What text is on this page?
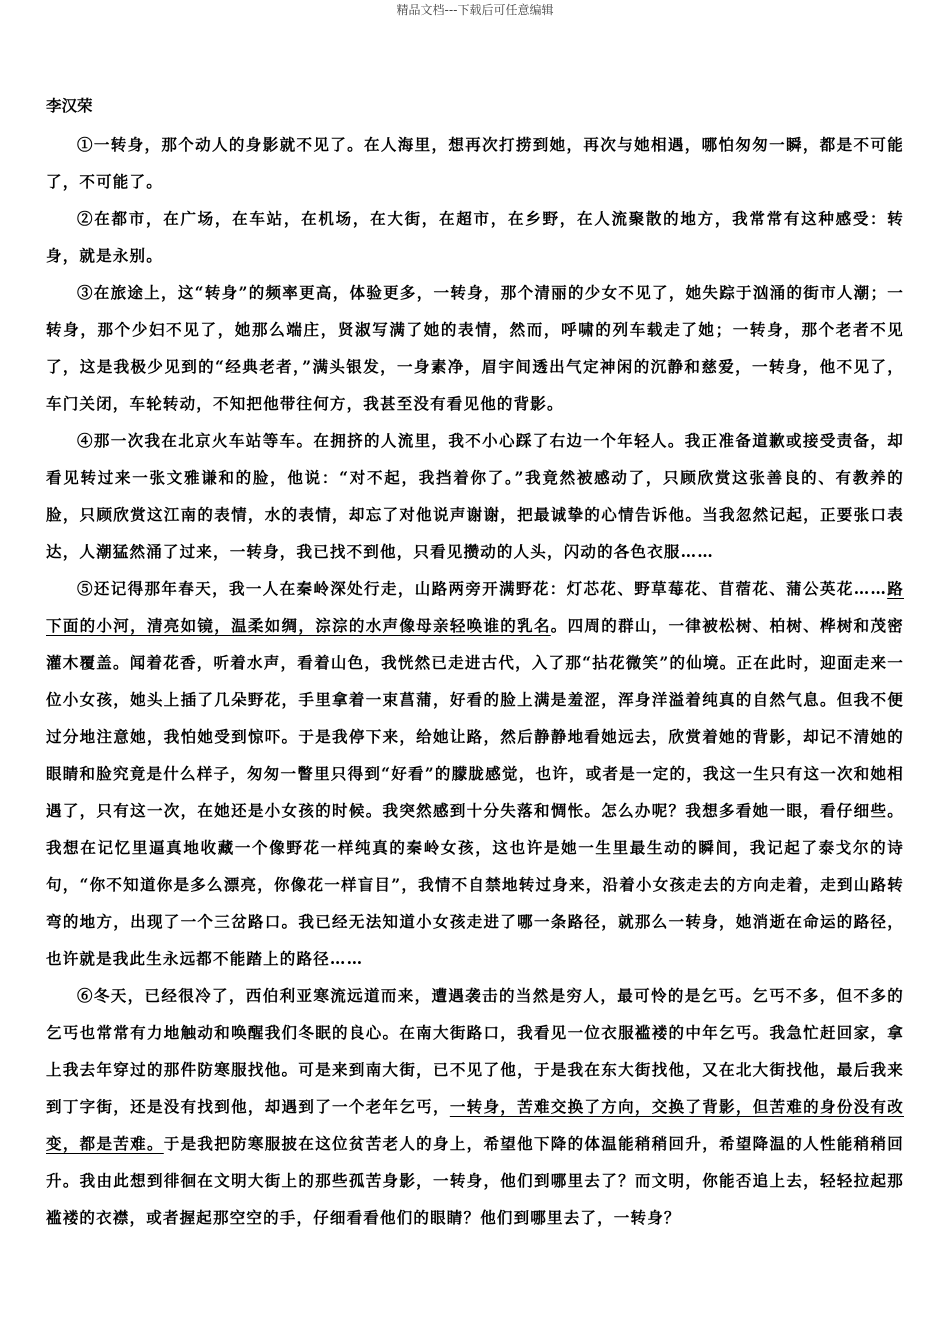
精品文档---下载后可任意编辑
李汉荣

①一转身，那个动人的身影就不见了。在人海里，想再次打捞到她，再次与她相遇，哪怕匆匆一瞬，都是不可能了，不可能了。

②在都市，在广场，在车站，在机场，在大街，在超市，在乡野，在人流聚散的地方，我常常有这种感受：转身，就是永别。

③在旅途上，这“转身”的频率更高，体验更多，一转身，那个清丽的少女不见了，她失踪于汹涌的街市人潮；一转身，那个少妇不见了，她那么端庄，贤淑写满了她的表情，然而，呼啸的列车载走了她；一转身，那个老者不见了，这是我极少见到的“经典老者，”满头银发，一身素净，眉宇间透出气定神闲的沉静和慈爱，一转身，他不见了，车门关闭，车轮转动，不知把他带往何方，我甚至没有看见他的背影。

④那一次我在北京火车站等车。在拥挤的人流里，我不小心踩了右边一个年轻人。我正准备道歉或接受责备，却看见转过来一张文雅谦和的脸，他说：“对不起，我挡着你了。”我竟然被感动了，只顾欣赏这张善良的、有教养的脸，只顾欣赏这江南的表情，水的表情，却忘了对他说声谢谢，把最诚挚的心情告诉他。当我忽然记起，正要张口表达，人潮猛然涌了过来，一转身，我已找不到他，只看见攒动的人头，闪动的各色衣服……

⑤还记得那年春天，我一人在秦岭深处行走，山路两旁开满野花：灯芯花、野草莓花、苜蓿花、蒲公英花……路下面的小河，清亮如镜，温柔如绸，淙淙的水声像母亲轻唤谁的乳名。四周的群山，一律被松树、柏树、桦树和茂密灌木覆盖。闻着花香，听着水声，看着山色，我恍然已走进古代，入了那“拈花微笑”的仙境。正在此时，迎面走来一位小女孩，她头上插了几朵野花，手里拿着一束菖蒲，好看的脸上满是羞涩，浑身洋溢着纯真的自然气息。但我不便过分地注意她，我怕她受到惊吓。于是我停下来，给她让路，然后静静地看她远去，欣赏着她的背影，却记不清她的眼睛和脸究竟是什么样子，匆匆一瞥里只得到“好看”的朦胧感觉，也许，或者是一定的，我这一生只有这一次和她相遇了，只有这一次，在她还是小女孩的时候。我突然感到十分失落和惆怅。怎么办呢？我想多看她一眼，看仔细些。我想在记忆里逼真地收藏一个像野花一样纯真的秦岭女孩，这也许是她一生里最生动的瞬间，我记起了泰戈尔的诗句，“你不知道你是多么漂亮，你像花一样盲目”，我情不自禁地转过身来，沿着小女孩走去的方向走着，走到山路转弯的地方，出现了一个三岔路口。我已经无法知道小女孩走进了哪一条路径，就那么一转身，她消逝在命运的路径，也许就是我此生永远都不能踏上的路径……

⑥冬天，已经很冷了，西伯利亚寒流远道而来，遭遇袭击的当然是穷人，最可怜的是乞丐。乞丐不多，但不多的乞丐也常常有力地触动和唤醒我们冬眠的良心。在南大街路口，我看见一位衣服褴褛的中年乞丐。我急忙赶回家，拿上我去年穿过的那件防寒服找他。可是来到南大街，已不见了他，于是我在东大街找他，又在北大街找他，最后我来到丁字街，还是没有找到他，却遇到了一个老年乞丐，一转身，苦难交换了方向，交换了背影，但苦难的身份没有改变，都是苦难。于是我把防寒服披在这位贫苦老人的身上，希望他下降的体温能稍稍回升，希望降温的人性能稍稍回升。我由此想到徘徊在文明大街上的那些孤苦身影，一转身，他们到哪里去了？而文明，你能否追上去，轻轻拉起那褴褛的衣襟，或者握起那空空的手，仔细看看他们的眼睛？他们到哪里去了，一转身？
